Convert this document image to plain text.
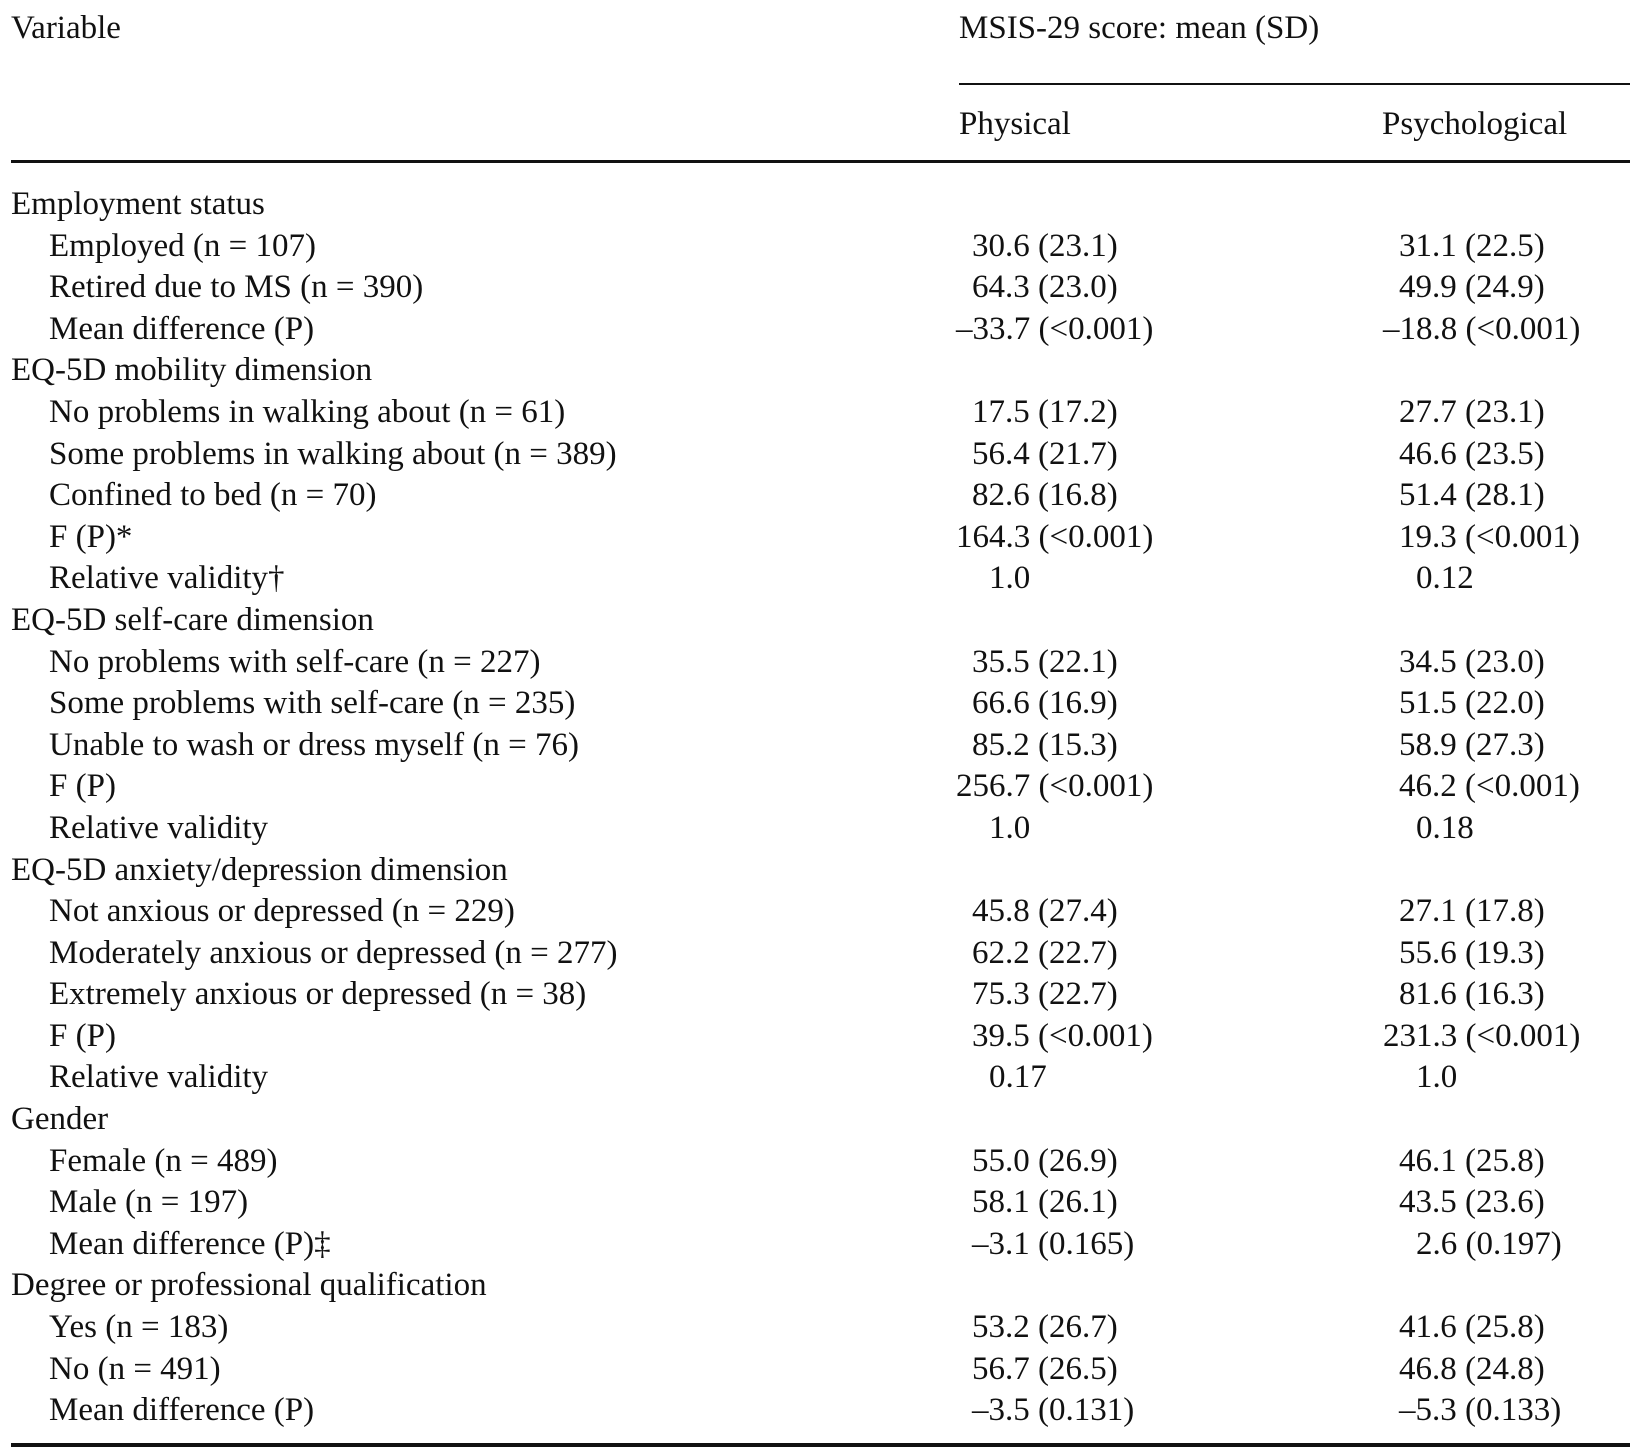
Variable	MSIS-29 score: mean (SD)
Physical	Psychological
Employment status
Employed (n = 107)	30.6 (23.1)	31.1 (22.5)
Retired due to MS (n = 390)	64.3 (23.0)	49.9 (24.9)
Mean difference (P)	–33.7 (<0.001)	–18.8 (<0.001)
EQ-5D mobility dimension
No problems in walking about (n = 61)	17.5 (17.2)	27.7 (23.1)
Some problems in walking about (n = 389)	56.4 (21.7)	46.6 (23.5)
Confined to bed (n = 70)	82.6 (16.8)	51.4 (28.1)
F (P)*	164.3 (<0.001)	19.3 (<0.001)
Relative validity†	1.0	0.12
EQ-5D self-care dimension
No problems with self-care (n = 227)	35.5 (22.1)	34.5 (23.0)
Some problems with self-care (n = 235)	66.6 (16.9)	51.5 (22.0)
Unable to wash or dress myself (n = 76)	85.2 (15.3)	58.9 (27.3)
F (P)	256.7 (<0.001)	46.2 (<0.001)
Relative validity	1.0	0.18
EQ-5D anxiety/depression dimension
Not anxious or depressed (n = 229)	45.8 (27.4)	27.1 (17.8)
Moderately anxious or depressed (n = 277)	62.2 (22.7)	55.6 (19.3)
Extremely anxious or depressed (n = 38)	75.3 (22.7)	81.6 (16.3)
F (P)	39.5 (<0.001)	231.3 (<0.001)
Relative validity	0.17	1.0
Gender
Female (n = 489)	55.0 (26.9)	46.1 (25.8)
Male (n = 197)	58.1 (26.1)	43.5 (23.6)
Mean difference (P)‡	–3.1 (0.165)	2.6 (0.197)
Degree or professional qualification
Yes (n = 183)	53.2 (26.7)	41.6 (25.8)
No (n = 491)	56.7 (26.5)	46.8 (24.8)
Mean difference (P)	–3.5 (0.131)	–5.3 (0.133)
